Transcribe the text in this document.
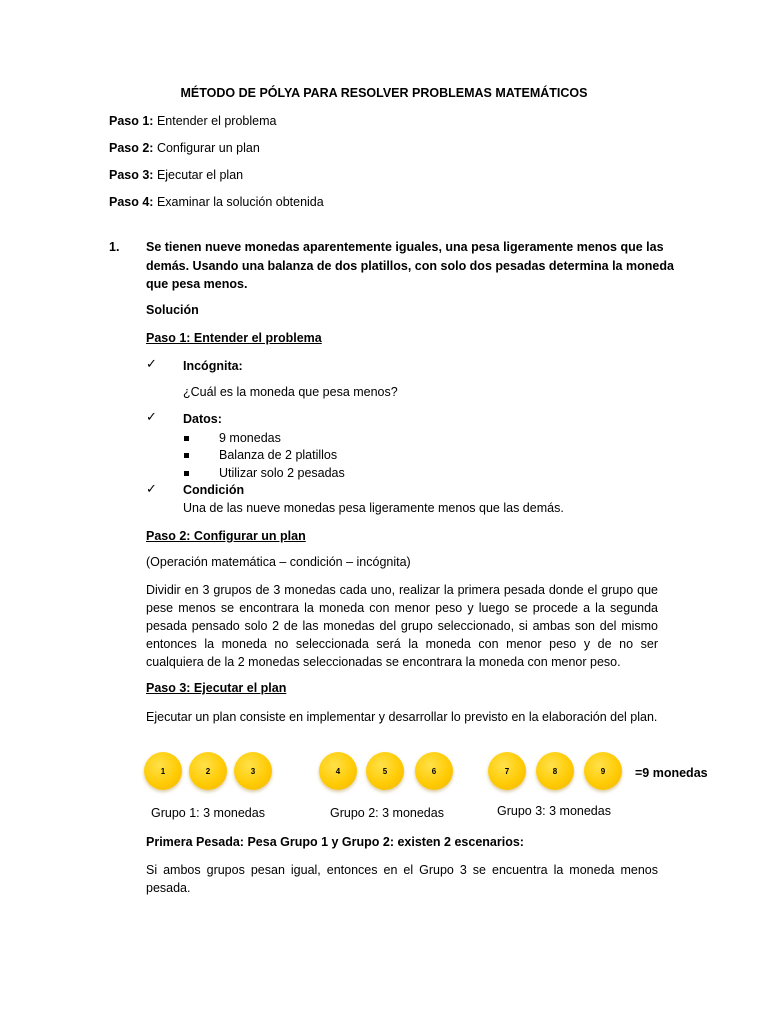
MÉTODO DE PÓLYA PARA RESOLVER PROBLEMAS MATEMÁTICOS
Paso 1: Entender el problema
Paso 2: Configurar un plan
Paso 3: Ejecutar el plan
Paso 4: Examinar la solución obtenida
1. Se tienen nueve monedas aparentemente iguales, una pesa ligeramente menos que las
demás. Usando una balanza de dos platillos, con solo dos pesadas determina la moneda
que pesa menos.
Solución
Paso 1: Entender el problema
✓ Incógnita:
¿Cuál es la moneda que pesa menos?
✓ Datos:
9 monedas
Balanza de 2 platillos
Utilizar solo 2 pesadas
✓ Condición
Una de las nueve monedas pesa ligeramente menos que las demás.
Paso 2: Configurar un plan
(Operación matemática – condición – incógnita)
Dividir en 3 grupos de 3 monedas cada uno, realizar la primera pesada donde el grupo que pese menos se encontrara la moneda con menor peso y luego se procede a la segunda pesada pensado solo 2 de las monedas del grupo seleccionado, si ambas son del mismo entonces la moneda no seleccionada será la moneda con menor peso y de no ser cualquiera de la 2 monedas seleccionadas se encontrara la moneda con menor peso.
Paso 3: Ejecutar el plan
Ejecutar un plan consiste en implementar y desarrollar lo previsto en la elaboración del plan.
1	2	3	4	5	6	7	8	9	=9 monedas
Grupo 1: 3 monedas	Grupo 2: 3 monedas	Grupo 3: 3 monedas
Primera Pesada: Pesa Grupo 1 y Grupo 2: existen 2 escenarios:
Si ambos grupos pesan igual, entonces en el Grupo 3 se encuentra la moneda menos pesada.
